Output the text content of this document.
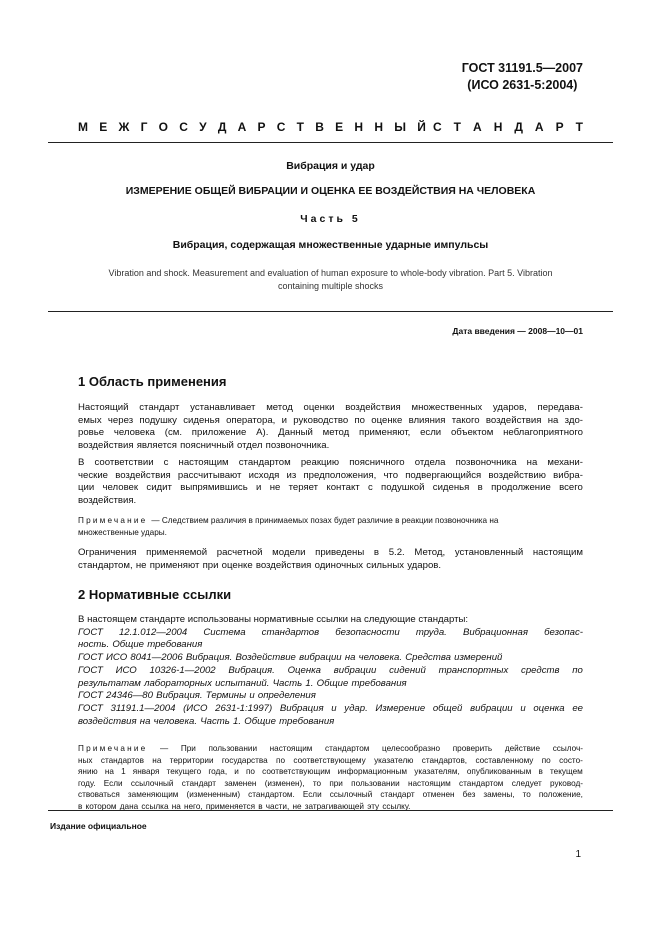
ГОСТ 31191.5—2007
(ИСО 2631-5:2004)
М Е Ж Г О С У Д А Р С Т В Е Н Н Ы Й С Т А Н Д А Р Т
Вибрация и удар
ИЗМЕРЕНИЕ ОБЩЕЙ ВИБРАЦИИ И ОЦЕНКА ЕЕ ВОЗДЕЙСТВИЯ НА ЧЕЛОВЕКА
Часть 5
Вибрация, содержащая множественные ударные импульсы
Vibration and shock. Measurement and evaluation of human exposure to whole-body vibration. Part 5. Vibration
containing multiple shocks
Дата введения — 2008—10—01
1 Область применения
Настоящий стандарт устанавливает метод оценки воздействия множественных ударов, передава-
емых через подушку сиденья оператора, и руководство по оценке влияния такого воздействия на здо-
ровье человека (см. приложение А). Данный метод применяют, если объектом неблагоприятного
воздействия является поясничный отдел позвоночника.
В соответствии с настоящим стандартом реакцию поясничного отдела позвоночника на механи-
ческие воздействия рассчитывают исходя из предположения, что подвергающийся воздействию вибра-
ции человек сидит выпрямившись и не теряет контакт с подушкой сиденья в продолжение всего
воздействия.
Примечание — Следствием различия в принимаемых позах будет различие в реакции позвоночника на
множественные удары.
Ограничения применяемой расчетной модели приведены в 5.2. Метод, установленный настоящим
стандартом, не применяют при оценке воздействия одиночных сильных ударов.
2 Нормативные ссылки
В настоящем стандарте использованы нормативные ссылки на следующие стандарты:
ГОСТ 12.1.012—2004 Система стандартов безопасности труда. Вибрационная безопас-
ность. Общие требования
ГОСТ ИСО 8041—2006 Вибрация. Воздействие вибрации на человека. Средства измерений
ГОСТ ИСО 10326-1—2002 Вибрация. Оценка вибрации сидений транспортных средств по
результатам лабораторных испытаний. Часть 1. Общие требования
ГОСТ 24346—80 Вибрация. Термины и определения
ГОСТ 31191.1—2004 (ИСО 2631-1:1997) Вибрация и удар. Измерение общей вибрации и оценка ее
воздействия на человека. Часть 1. Общие требования
Примечание — При пользовании настоящим стандартом целесообразно проверить действие ссылоч-
ных стандартов на территории государства по соответствующему указателю стандартов, составленному по состо-
янию на 1 января текущего года, и по соответствующим информационным указателям, опубликованным в текущем
году. Если ссылочный стандарт заменен (изменен), то при пользовании настоящим стандартом следует руковод-
ствоваться заменяющим (измененным) стандартом. Если ссылочный стандарт отменен без замены, то положение,
в котором дана ссылка на него, применяется в части, не затрагивающей эту ссылку.
Издание официальное
1
